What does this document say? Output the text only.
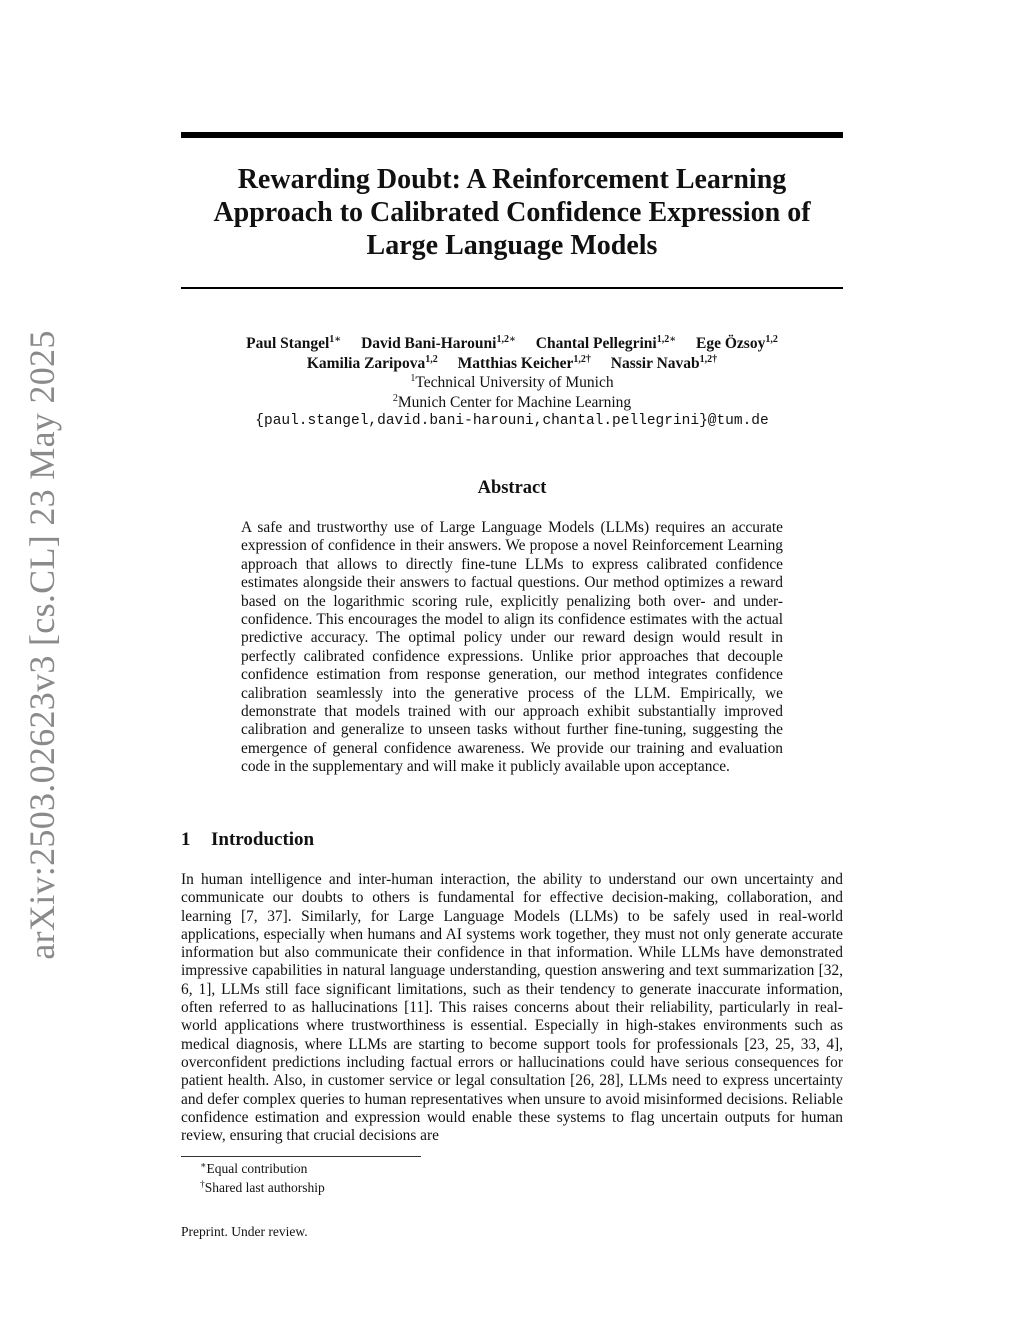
arXiv:2503.02623v3 [cs.CL] 23 May 2025
Rewarding Doubt: A Reinforcement Learning Approach to Calibrated Confidence Expression of Large Language Models
Paul Stangel$^{1∗}$ David Bani-Harouni$^{1,2∗}$ Chantal Pellegrini$^{1,2∗}$ Ege Özsoy$^{1,2}$
Kamilia Zaripova$^{1,2}$ Matthias Keicher$^{1,2\dagger}$ Nassir Navab$^{1,2\dagger}$
$^1$Technical University of Munich
$^2$Munich Center for Machine Learning
{paul.stangel,david.bani-harouni,chantal.pellegrini}@tum.de
Abstract

A safe and trustworthy use of Large Language Models (LLMs) requires an accurate expression of confidence in their answers. We propose a novel Reinforcement Learning approach that allows to directly fine-tune LLMs to express calibrated confidence estimates alongside their answers to factual questions. Our method optimizes a reward based on the logarithmic scoring rule, explicitly penalizing both over- and under-confidence. This encourages the model to align its confidence estimates with the actual predictive accuracy. The optimal policy under our reward design would result in perfectly calibrated confidence expressions. Unlike prior approaches that decouple confidence estimation from response generation, our method integrates confidence calibration seamlessly into the generative process of the LLM. Empirically, we demonstrate that models trained with our approach exhibit substantially improved calibration and generalize to unseen tasks without further fine-tuning, suggesting the emergence of general confidence awareness. We provide our training and evaluation code in the supplementary and will make it publicly available upon acceptance.

1 Introduction

In human intelligence and inter-human interaction, the ability to understand our own uncertainty and communicate our doubts to others is fundamental for effective decision-making, collaboration, and learning [7, 37]. Similarly, for Large Language Models (LLMs) to be safely used in real-world applications, especially when humans and AI systems work together, they must not only generate accurate information but also communicate their confidence in that information. While LLMs have demonstrated impressive capabilities in natural language understanding, question answering and text summarization [32, 6, 1], LLMs still face significant limitations, such as their tendency to generate inaccurate information, often referred to as hallucinations [11]. This raises concerns about their reliability, particularly in real-world applications where trustworthiness is essential. Especially in high-stakes environments such as medical diagnosis, where LLMs are starting to become support tools for professionals [23, 25, 33, 4], overconfident predictions including factual errors or hallucinations could have serious consequences for patient health. Also, in customer service or legal consultation [26, 28], LLMs need to express uncertainty and defer complex queries to human representatives when unsure to avoid misinformed decisions. Reliable confidence estimation and expression would enable these systems to flag uncertain outputs for human review, ensuring that crucial decisions are

∗Equal contribution
†Shared last authorship
Preprint. Under review.
